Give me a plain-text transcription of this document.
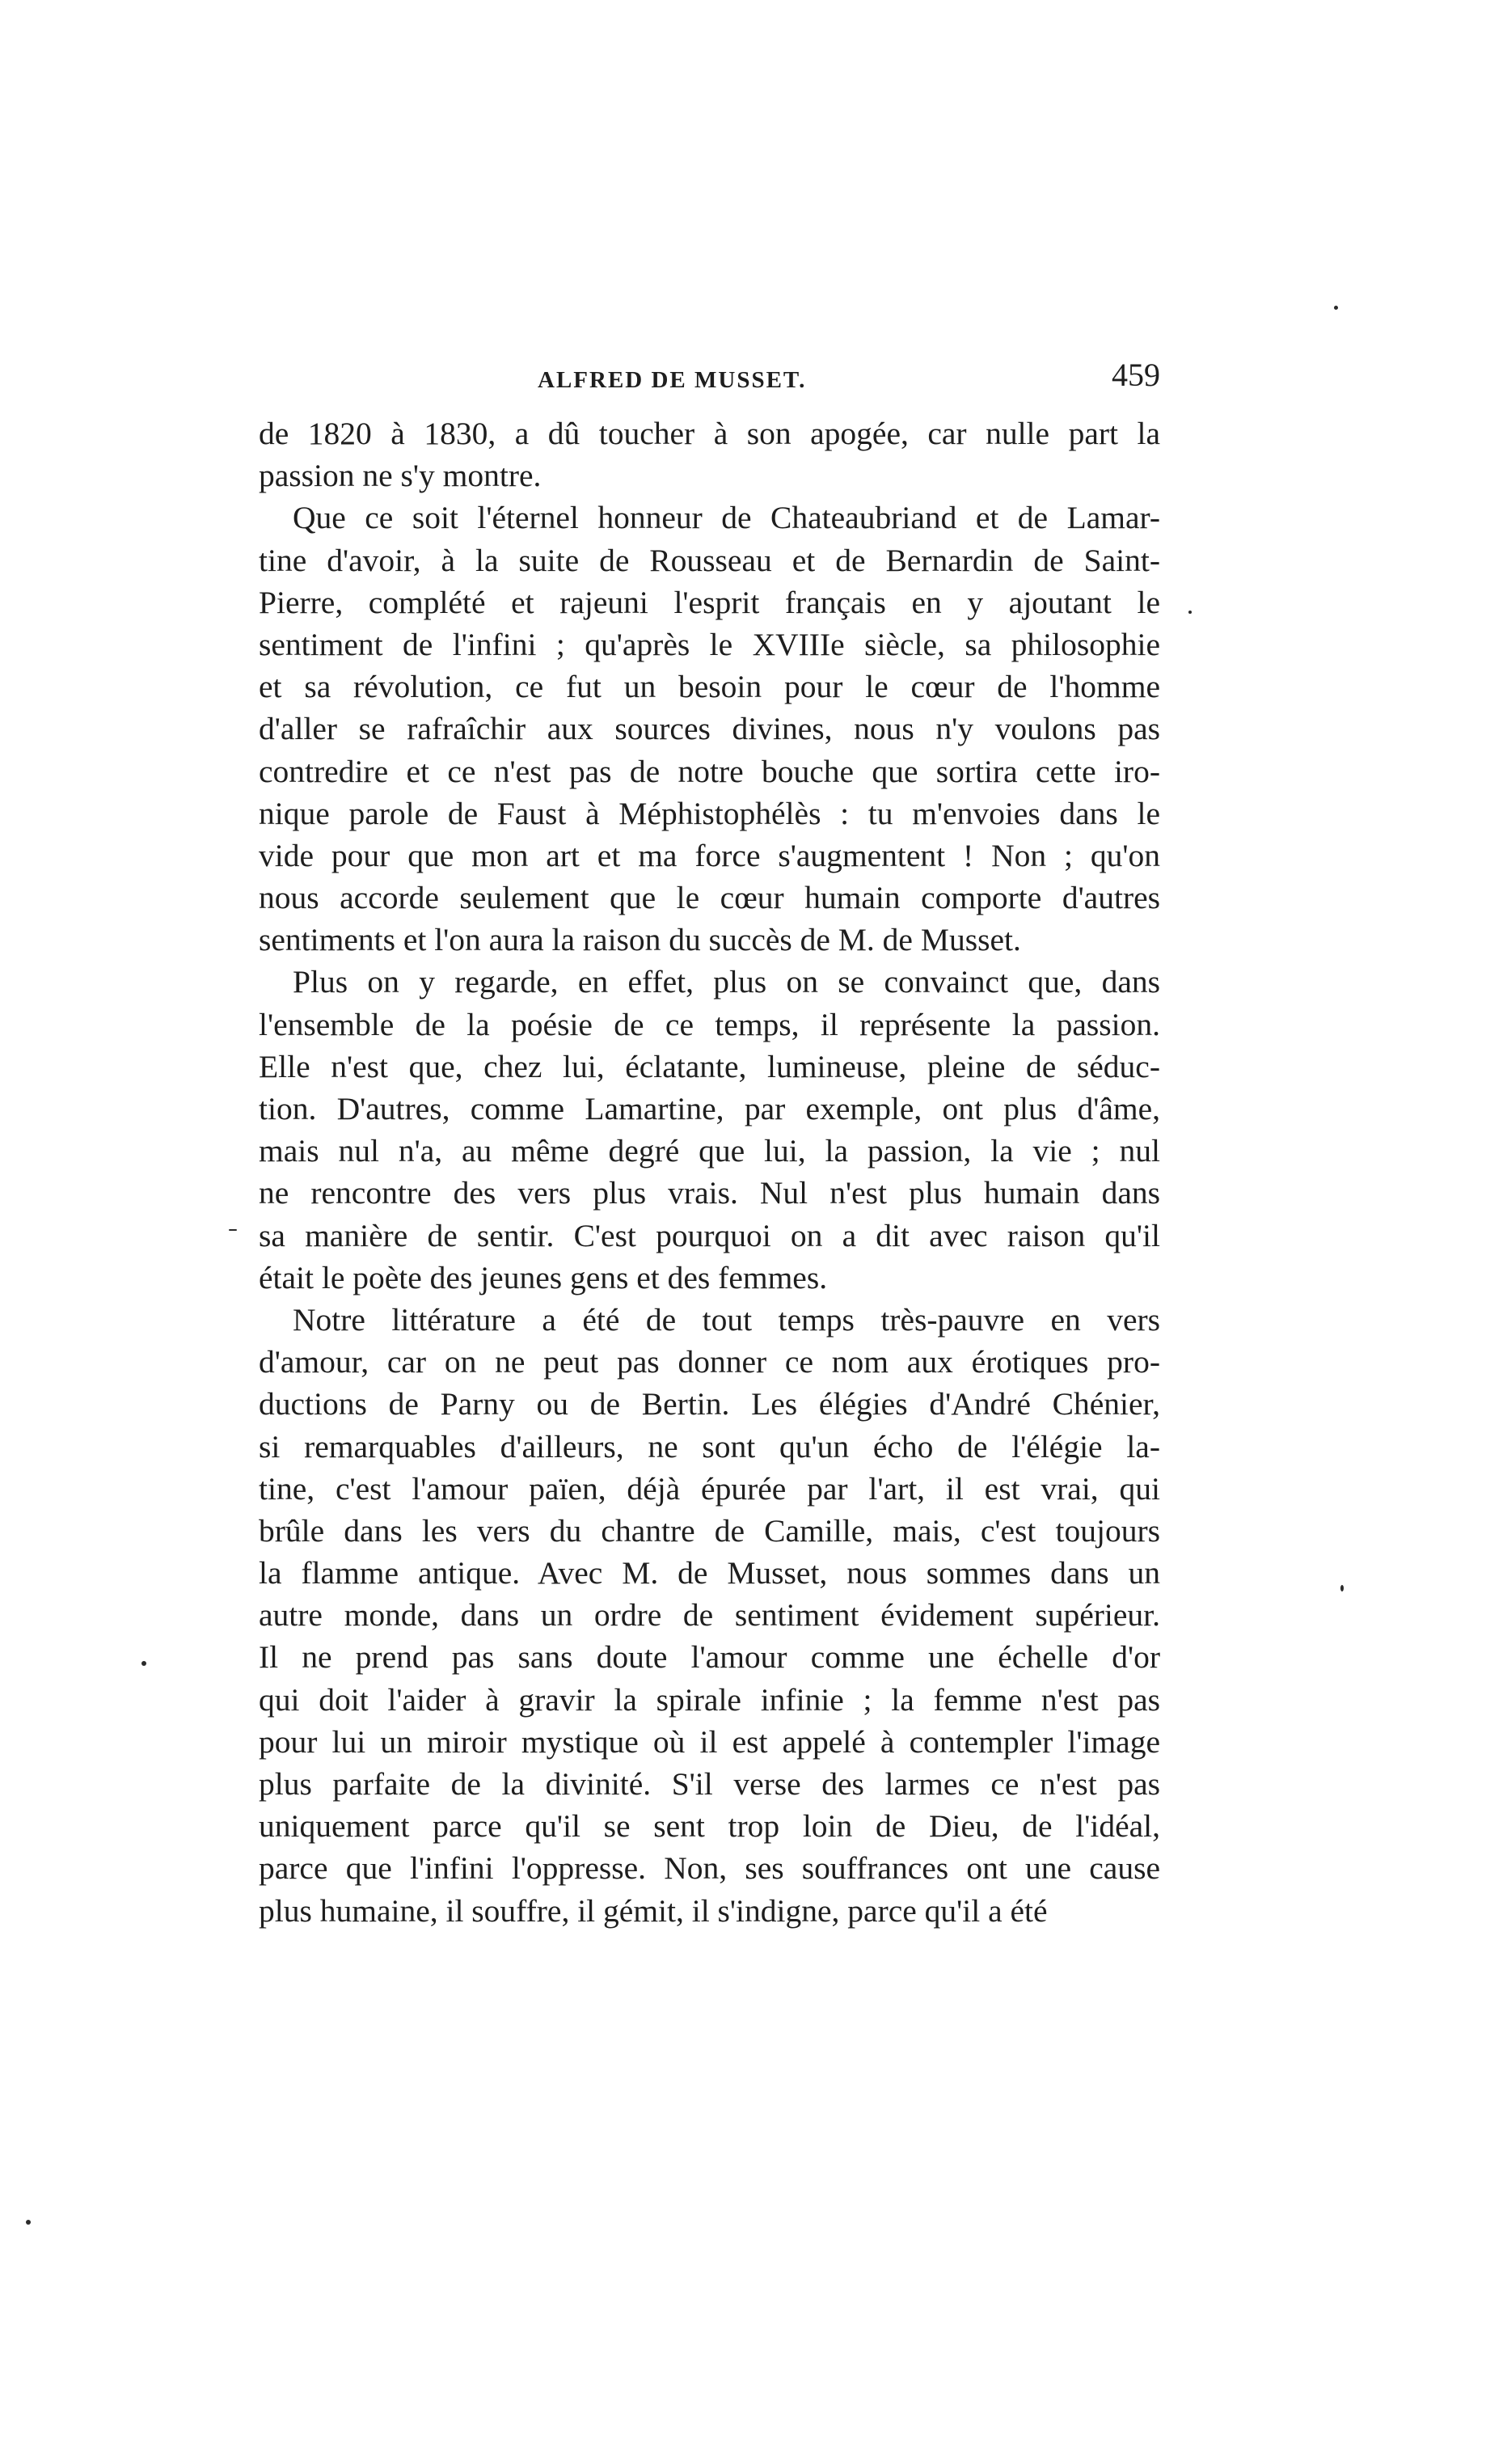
ALFRED DE MUSSET.	459
de 1820 à 1830, a dû toucher à son apogée, car nulle part la
passion ne s'y montre.
Que ce soit l'éternel honneur de Chateaubriand et de Lamar-
tine d'avoir, à la suite de Rousseau et de Bernardin de Saint-
Pierre, complété et rajeuni l'esprit français en y ajoutant le
sentiment de l'infini ; qu'après le XVIIIe siècle, sa philosophie
et sa révolution, ce fut un besoin pour le cœur de l'homme
d'aller se rafraîchir aux sources divines, nous n'y voulons pas
contredire et ce n'est pas de notre bouche que sortira cette iro-
nique parole de Faust à Méphistophélès : tu m'envoies dans le
vide pour que mon art et ma force s'augmentent ! Non ; qu'on
nous accorde seulement que le cœur humain comporte d'autres
sentiments et l'on aura la raison du succès de M. de Musset.
Plus on y regarde, en effet, plus on se convainct que, dans
l'ensemble de la poésie de ce temps, il représente la passion.
Elle n'est que, chez lui, éclatante, lumineuse, pleine de séduc-
tion. D'autres, comme Lamartine, par exemple, ont plus d'âme,
mais nul n'a, au même degré que lui, la passion, la vie ; nul
ne rencontre des vers plus vrais. Nul n'est plus humain dans
sa manière de sentir. C'est pourquoi on a dit avec raison qu'il
était le poète des jeunes gens et des femmes.
Notre littérature a été de tout temps très-pauvre en vers
d'amour, car on ne peut pas donner ce nom aux érotiques pro-
ductions de Parny ou de Bertin. Les élégies d'André Chénier,
si remarquables d'ailleurs, ne sont qu'un écho de l'élégie la-
tine, c'est l'amour païen, déjà épurée par l'art, il est vrai, qui
brûle dans les vers du chantre de Camille, mais, c'est toujours
la flamme antique. Avec M. de Musset, nous sommes dans un
autre monde, dans un ordre de sentiment évidement supérieur.
Il ne prend pas sans doute l'amour comme une échelle d'or
qui doit l'aider à gravir la spirale infinie ; la femme n'est pas
pour lui un miroir mystique où il est appelé à contempler l'image
plus parfaite de la divinité. S'il verse des larmes ce n'est pas
uniquement parce qu'il se sent trop loin de Dieu, de l'idéal,
parce que l'infini l'oppresse. Non, ses souffrances ont une cause
plus humaine, il souffre, il gémit, il s'indigne, parce qu'il a été
